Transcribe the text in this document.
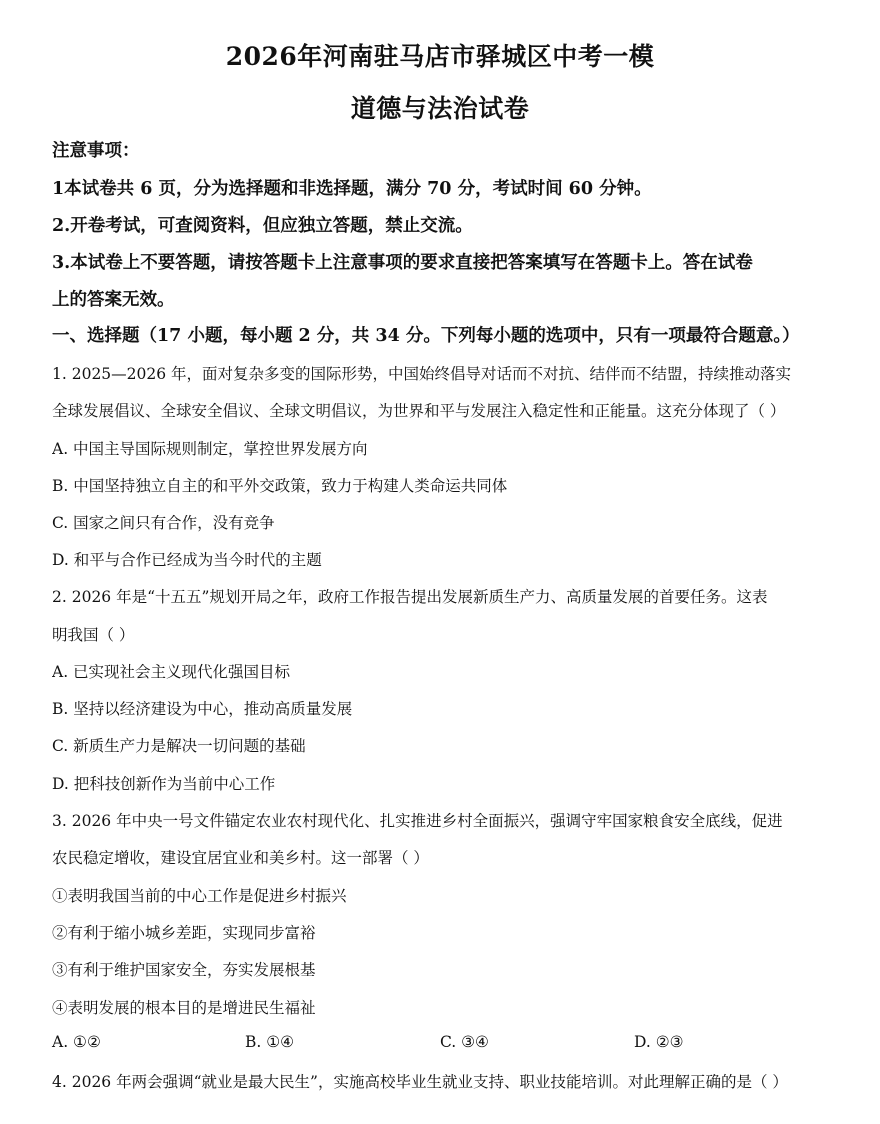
2026年河南驻马店市驿城区中考一模
道德与法治试卷
注意事项：
1本试卷共 6 页，分为选择题和非选择题，满分 70 分，考试时间 60 分钟。
2.开卷考试，可查阅资料，但应独立答题，禁止交流。
3.本试卷上不要答题，请按答题卡上注意事项的要求直接把答案填写在答题卡上。答在试卷
上的答案无效。
一、选择题（17 小题，每小题 2 分，共 34 分。下列每小题的选项中，只有一项最符合题意。）
1. 2025—2026 年，面对复杂多变的国际形势，中国始终倡导对话而不对抗、结伴而不结盟，持续推动落实
全球发展倡议、全球安全倡议、全球文明倡议，为世界和平与发展注入稳定性和正能量。这充分体现了（ ）
A. 中国主导国际规则制定，掌控世界发展方向
B. 中国坚持独立自主的和平外交政策，致力于构建人类命运共同体
C. 国家之间只有合作，没有竞争
D. 和平与合作已经成为当今时代的主题
2. 2026 年是“十五五”规划开局之年，政府工作报告提出发展新质生产力、高质量发展的首要任务。这表
明我国（ ）
A. 已实现社会主义现代化强国目标
B. 坚持以经济建设为中心，推动高质量发展
C. 新质生产力是解决一切问题的基础
D. 把科技创新作为当前中心工作
3. 2026 年中央一号文件锚定农业农村现代化、扎实推进乡村全面振兴，强调守牢国家粮食安全底线，促进
农民稳定增收，建设宜居宜业和美乡村。这一部署（ ）
①表明我国当前的中心工作是促进乡村振兴
②有利于缩小城乡差距，实现同步富裕
③有利于维护国家安全，夯实发展根基
④表明发展的根本目的是增进民生福祉
A. ①②	B. ①④	C. ③④	D. ②③
4. 2026 年两会强调“就业是最大民生”，实施高校毕业生就业支持、职业技能培训。对此理解正确的是（ ）
